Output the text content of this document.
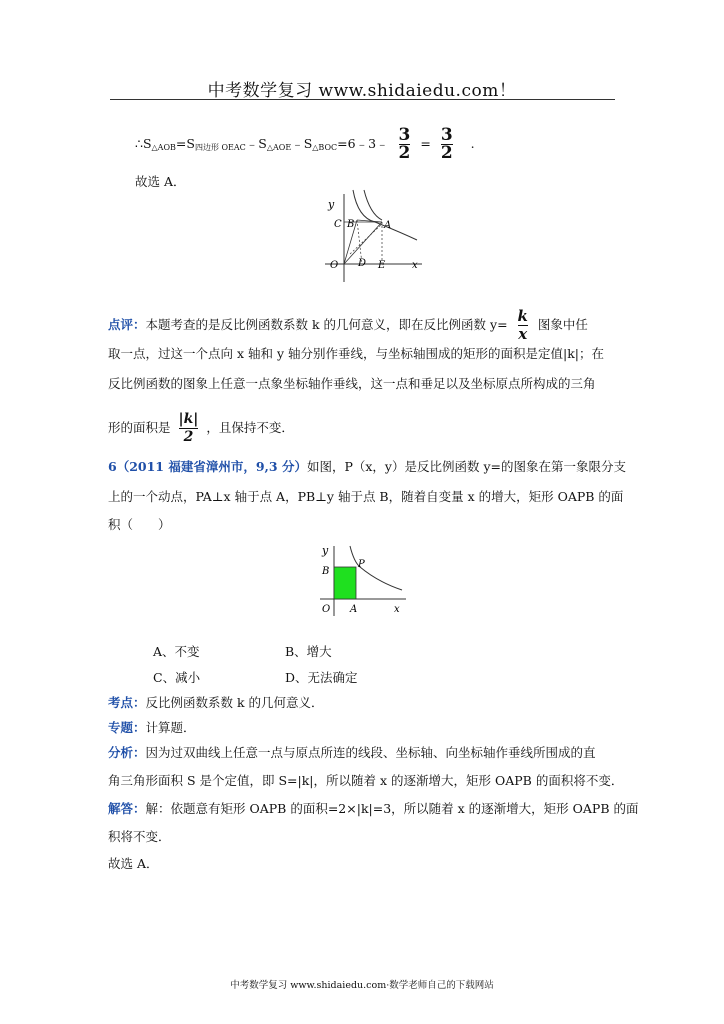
中考数学复习 www.shidaiedu.com！
$\therefore S_{\triangle AOB}=S_{四边形 OEAC}﹣S_{\triangle AOE}﹣S_{\triangle BOC}=6﹣3﹣ \frac{3}{2} = \frac{3}{2}$ .
故选 A．
y
C B	A
O D E	x
点评：本题考查的是反比例函数系数 k 的几何意义，即在反比例函数 $y= \frac{k}{x}$ 图象中任
取一点，过这一个点向 x 轴和 y 轴分别作垂线，与坐标轴围成的矩形的面积是定值|k|；在
反比例函数的图象上任意一点象坐标轴作垂线，这一点和垂足以及坐标原点所构成的三角
形的面积是 $\frac{|k|}{2}$ ，且保持不变．
6（2011 福建省漳州市，9,3 分）如图，P（x，y）是反比例函数 y=的图象在第一象限分支
上的一个动点，PA⊥x 轴于点 A，PB⊥y 轴于点 B，随着自变量 x 的增大，矩形 OAPB 的面
积（　　）
y
B
P
O A	x
A、不变	B、增大
C、减小	D、无法确定
考点：反比例函数系数 k 的几何意义．
专题：计算题．
分析：因为过双曲线上任意一点与原点所连的线段、坐标轴、向坐标轴作垂线所围成的直
角三角形面积 S 是个定值，即 S=|k|，所以随着 x 的逐渐增大，矩形 OAPB 的面积将不变．
解答：解：依题意有矩形 OAPB 的面积=2×|k|=3，所以随着 x 的逐渐增大，矩形 OAPB 的面
积将不变．
故选 A．
中考数学复习 www.shidaiedu.com·数学老师自己的下载网站
